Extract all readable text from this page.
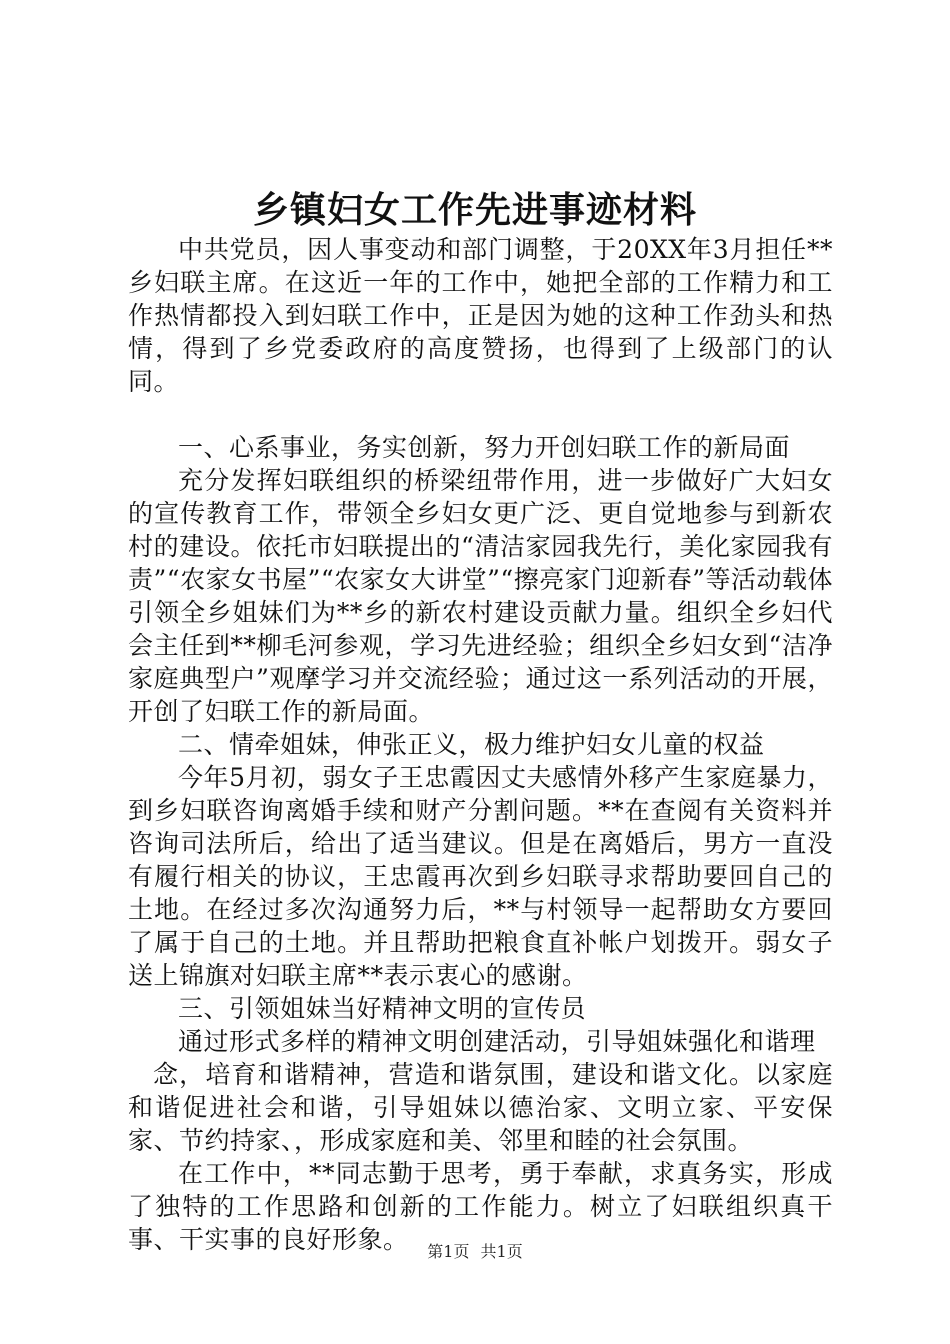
乡镇妇女工作先进事迹材料

中共党员，因人事变动和部门调整，于20XX年3月担任**乡妇联主席。在这近一年的工作中，她把全部的工作精力和工作热情都投入到妇联工作中，正是因为她的这种工作劲头和热情，得到了乡党委政府的高度赞扬，也得到了上级部门的认同。

一、心系事业，务实创新，努力开创妇联工作的新局面

充分发挥妇联组织的桥梁纽带作用，进一步做好广大妇女的宣传教育工作，带领全乡妇女更广泛、更自觉地参与到新农村的建设。依托市妇联提出的“清洁家园我先行，美化家园我有责”“农家女书屋”“农家女大讲堂”“擦亮家门迎新春”等活动载体引领全乡姐妹们为**乡的新农村建设贡献力量。组织全乡妇代会主任到**柳毛河参观，学习先进经验；组织全乡妇女到“洁净家庭典型户”观摩学习并交流经验；通过这一系列活动的开展，开创了妇联工作的新局面。

二、情牵姐妹，伸张正义，极力维护妇女儿童的权益

今年5月初，弱女子王忠霞因丈夫感情外移产生家庭暴力，到乡妇联咨询离婚手续和财产分割问题。**在查阅有关资料并咨询司法所后，给出了适当建议。但是在离婚后，男方一直没有履行相关的协议，王忠霞再次到乡妇联寻求帮助要回自己的土地。在经过多次沟通努力后，**与村领导一起帮助女方要回了属于自己的土地。并且帮助把粮食直补帐户划拨开。弱女子送上锦旗对妇联主席**表示衷心的感谢。

三、引领姐妹当好精神文明的宣传员

通过形式多样的精神文明创建活动，引导姐妹强化和谐理

念，培育和谐精神，营造和谐氛围，建设和谐文化。以家庭和谐促进社会和谐，引导姐妹以德治家、文明立家、平安保家、节约持家、，形成家庭和美、邻里和睦的社会氛围。

在工作中，**同志勤于思考，勇于奉献，求真务实，形成了独特的工作思路和创新的工作能力。树立了妇联组织真干事、干实事的良好形象。	第1页 共1页
